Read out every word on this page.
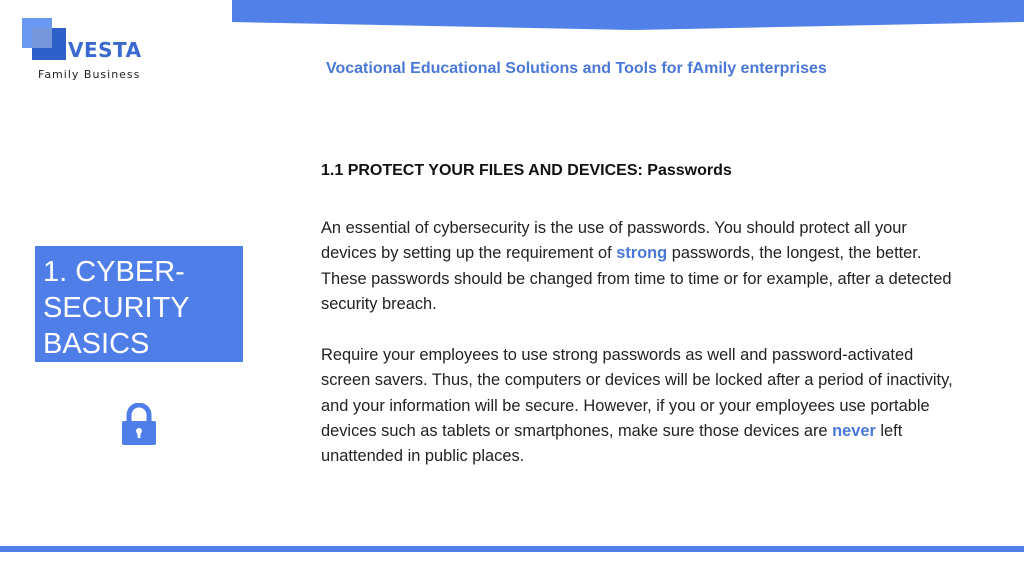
VESTA
Family Business	Vocational Educational Solutions and Tools for fAmily enterprises
1. CYBER-
SECURITY
BASICS
1.1 PROTECT YOUR FILES AND DEVICES: Passwords

An essential of cybersecurity is the use of passwords. You should protect all your devices by setting up the requirement of strong passwords, the longest, the better. These passwords should be changed from time to time or for example, after a detected security breach.

Require your employees to use strong passwords as well and password-activated screen savers. Thus, the computers or devices will be locked after a period of inactivity, and your information will be secure. However, if you or your employees use portable devices such as tablets or smartphones, make sure those devices are never left unattended in public places.
